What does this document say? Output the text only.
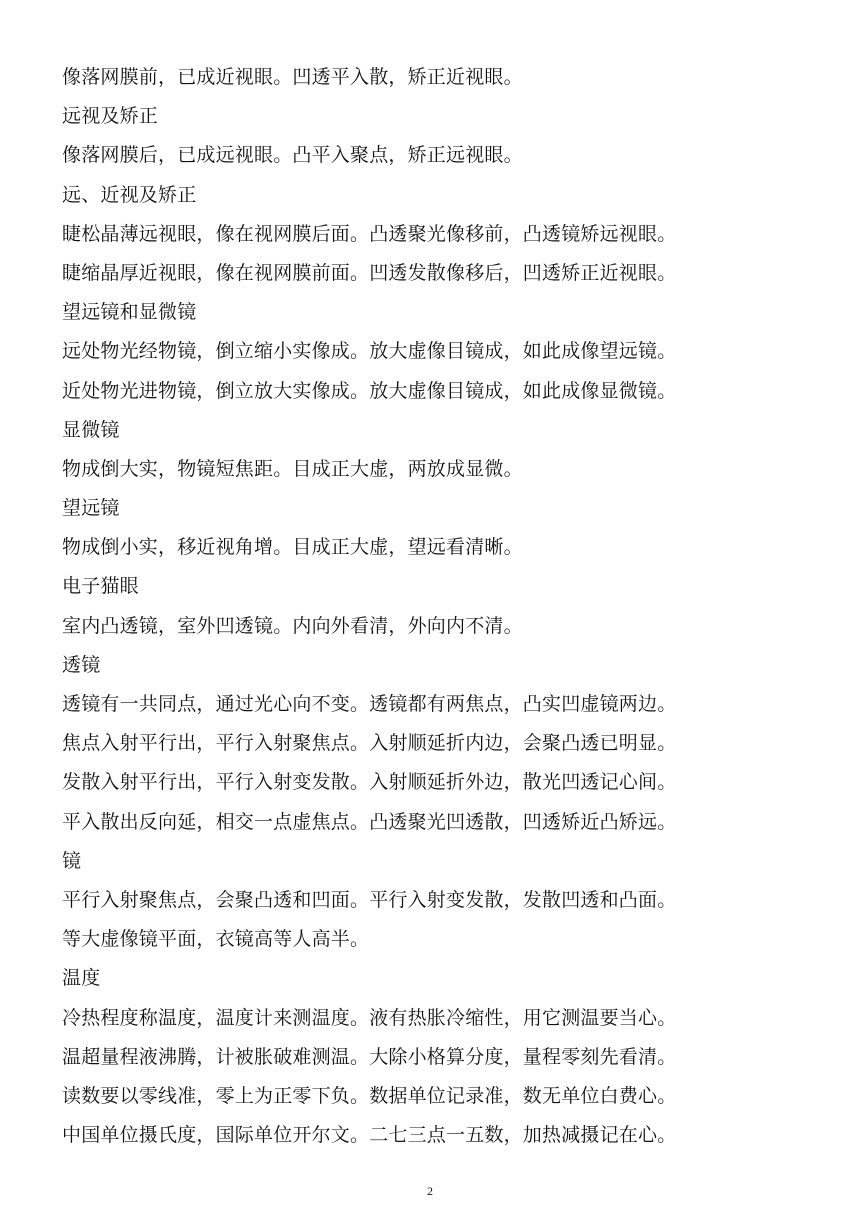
像落网膜前，已成近视眼。凹透平入散，矫正近视眼。
远视及矫正
像落网膜后，已成远视眼。凸平入聚点，矫正远视眼。
远、近视及矫正
睫松晶薄远视眼，像在视网膜后面。凸透聚光像移前，凸透镜矫远视眼。
睫缩晶厚近视眼，像在视网膜前面。凹透发散像移后，凹透矫正近视眼。
望远镜和显微镜
远处物光经物镜，倒立缩小实像成。放大虚像目镜成，如此成像望远镜。
近处物光进物镜，倒立放大实像成。放大虚像目镜成，如此成像显微镜。
显微镜
物成倒大实，物镜短焦距。目成正大虚，两放成显微。
望远镜
物成倒小实，移近视角增。目成正大虚，望远看清晰。
电子猫眼
室内凸透镜，室外凹透镜。内向外看清，外向内不清。
透镜
透镜有一共同点，通过光心向不变。透镜都有两焦点，凸实凹虚镜两边。
焦点入射平行出，平行入射聚焦点。入射顺延折内边，会聚凸透已明显。
发散入射平行出，平行入射变发散。入射顺延折外边，散光凹透记心间。
平入散出反向延，相交一点虚焦点。凸透聚光凹透散，凹透矫近凸矫远。
镜
平行入射聚焦点，会聚凸透和凹面。平行入射变发散，发散凹透和凸面。
等大虚像镜平面，衣镜高等人高半。
温度
冷热程度称温度，温度计来测温度。液有热胀冷缩性，用它测温要当心。
温超量程液沸腾，计被胀破难测温。大除小格算分度，量程零刻先看清。
读数要以零线准，零上为正零下负。数据单位记录准，数无单位白费心。
中国单位摄氏度，国际单位开尔文。二七三点一五数，加热减摄记在心。
2
